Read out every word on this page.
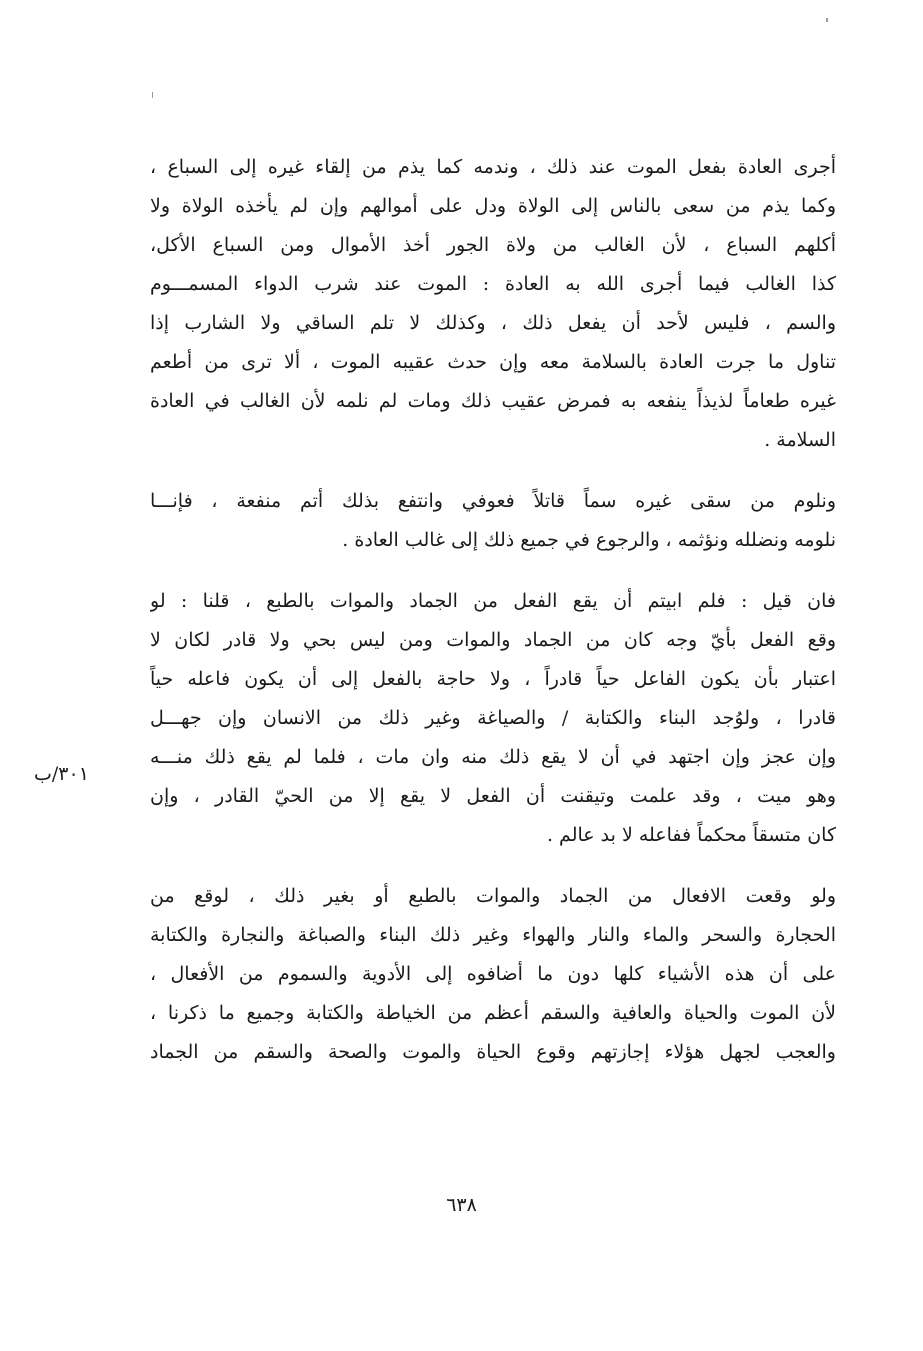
أجرى العادة بفعل الموت عند ذلك ، وندمه كما يذم من إلقاء غيره إلى السباع ،
وكما يذم من سعى بالناس إلى الولاة ودل على أموالهم وإن لم يأخذه الولاة ولا
أكلهم السباع ، لأن الغالب من ولاة الجور أخذ الأموال ومن السباع الأكل،
كذا الغالب فيما أجرى الله به العادة : الموت عند شرب الدواء المسمـــوم
والسم ، فليس لأحد أن يفعل ذلك ، وكذلك لا تلم الساقي ولا الشارب إذا
تناول ما جرت العادة بالسلامة معه وإن حدث عقيبه الموت ، ألا ترى من أطعم
غيره طعاماً لذيذاً ينفعه به فمرض عقيب ذلك ومات لم نلمه لأن الغالب في العادة
السلامة .
ونلوم من سقى غيره سماً قاتلاً فعوفي وانتفع بذلك أتم منفعة ، فإنـــا
نلومه ونضلله ونؤثمه ، والرجوع في جميع ذلك إلى غالب العادة .
فان قيل : فلم ابيتم أن يقع الفعل من الجماد والموات بالطبع ، قلنا : لو
وقع الفعل بأيّ وجه كان من الجماد والموات ومن ليس بحي ولا قادر لكان لا
اعتبار بأن يكون الفاعل حياً قادراً ، ولا حاجة بالفعل إلى أن يكون فاعله حياً
قادرا ، ولوُجد البناء والكتابة / والصياغة وغير ذلك من الانسان وإن جهـــل
وإن عجز وإن اجتهد في أن لا يقع ذلك منه وان مات ، فلما لم يقع ذلك منـــه
وهو ميت ، وقد علمت وتيقنت أن الفعل لا يقع إلا من الحيّ القادر ، وإن
كان متسقاً محكماً ففاعله لا بد عالم .
ولو وقعت الافعال من الجماد والموات بالطبع أو بغير ذلك ، لوقع من
الحجارة والسحر والماء والنار والهواء وغير ذلك البناء والصباغة والنجارة والكتابة
على أن هذه الأشياء كلها دون ما أضافوه إلى الأدوية والسموم من الأفعال ،
لأن الموت والحياة والعافية والسقم أعظم من الخياطة والكتابة وجميع ما ذكرنا ،
والعجب لجهل هؤلاء إجازتهم وقوع الحياة والموت والصحة والسقم من الجماد
٣٠١/ب
٦٣٨
